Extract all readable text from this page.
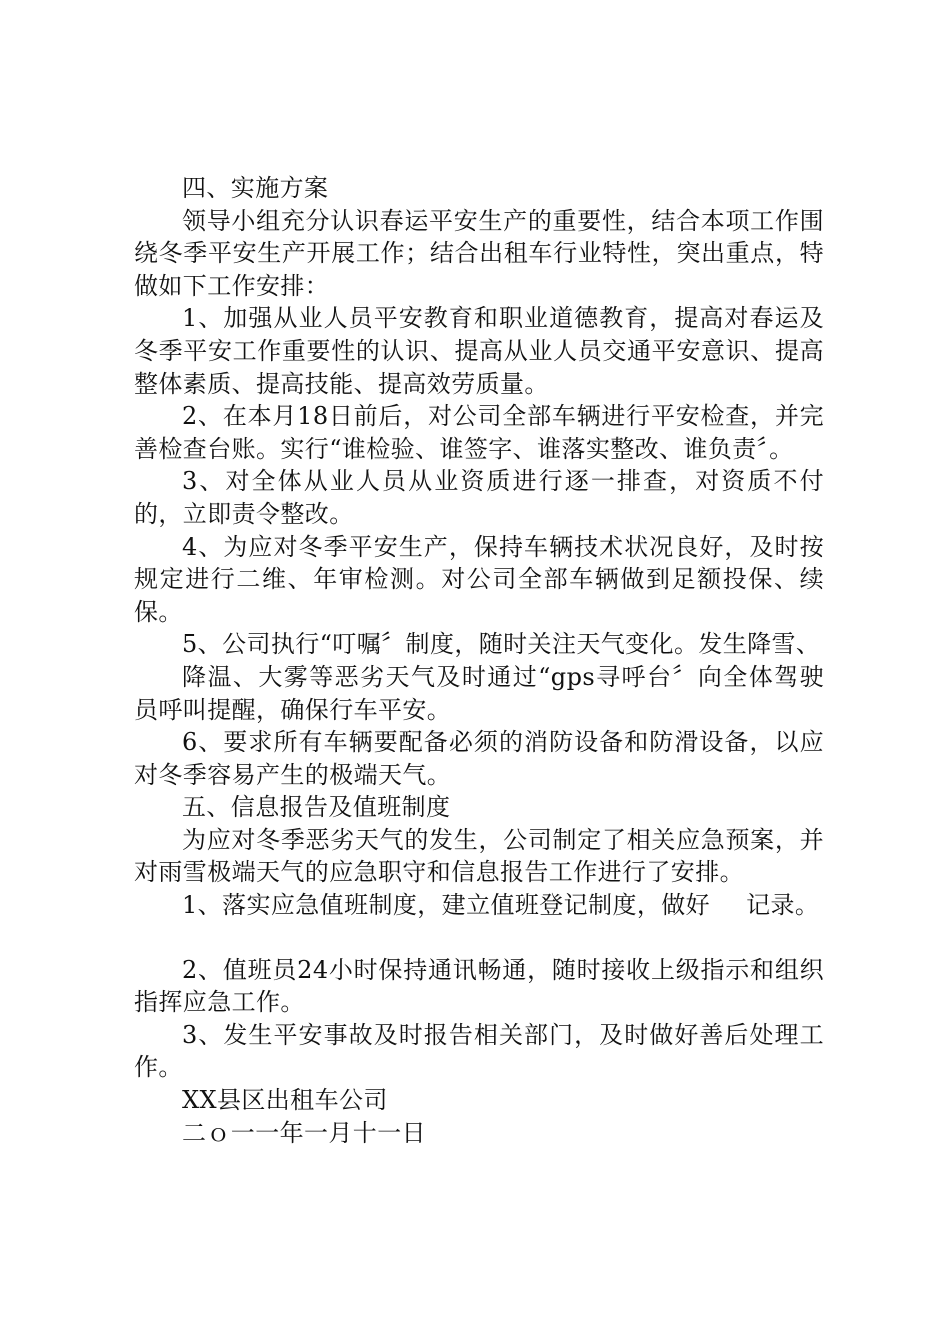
四、实施方案

领导小组充分认识春运平安生产的重要性，结合本项工作围绕冬季平安生产开展工作；结合出租车行业特性，突出重点，特做如下工作安排：

1、加强从业人员平安教育和职业道德教育，提高对春运及冬季平安工作重要性的认识、提高从业人员交通平安意识、提高整体素质、提高技能、提高效劳质量。

2、在本月18日前后，对公司全部车辆进行平安检查，并完善检查台账。实行“谁检验、谁签字、谁落实整改、谁负责〞。

3、对全体从业人员从业资质进行逐一排查，对资质不付的，立即责令整改。

4、为应对冬季平安生产，保持车辆技术状况良好，及时按规定进行二维、年审检测。对公司全部车辆做到足额投保、续保。

5、公司执行“叮嘱〞制度，随时关注天气变化。发生降雪、

降温、大雾等恶劣天气及时通过“gps寻呼台〞向全体驾驶员呼叫提醒，确保行车平安。

6、要求所有车辆要配备必须的消防设备和防滑设备，以应对冬季容易产生的极端天气。

五、信息报告及值班制度

为应对冬季恶劣天气的发生，公司制定了相关应急预案，并对雨雪极端天气的应急职守和信息报告工作进行了安排。

1、落实应急值班制度，建立值班登记制度，做好 记录。

2、值班员24小时保持通讯畅通，随时接收上级指示和组织指挥应急工作。

3、发生平安事故及时报告相关部门，及时做好善后处理工作。

XX县区出租车公司

二ｏ一一年一月十一日
